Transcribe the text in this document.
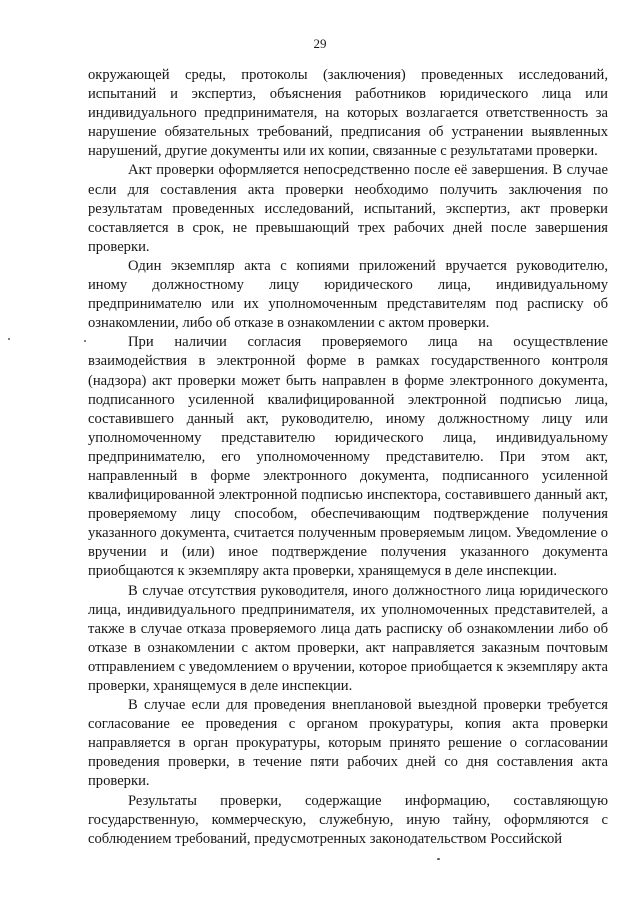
29

окружающей среды, протоколы (заключения) проведенных исследований, испытаний и экспертиз, объяснения работников юридического лица или индивидуального предпринимателя, на которых возлагается ответственность за нарушение обязательных требований, предписания об устранении выявленных нарушений, другие документы или их копии, связанные с результатами проверки.

Акт проверки оформляется непосредственно после её завершения. В случае если для составления акта проверки необходимо получить заключения по результатам проведенных исследований, испытаний, экспертиз, акт проверки составляется в срок, не превышающий трех рабочих дней после завершения проверки.

Один экземпляр акта с копиями приложений вручается руководителю, иному должностному лицу юридического лица, индивидуальному предпринимателю или их уполномоченным представителям под расписку об ознакомлении, либо об отказе в ознакомлении с актом проверки.

При наличии согласия проверяемого лица на осуществление взаимодействия в электронной форме в рамках государственного контроля (надзора) акт проверки может быть направлен в форме электронного документа, подписанного усиленной квалифицированной электронной подписью лица, составившего данный акт, руководителю, иному должностному лицу или уполномоченному представителю юридического лица, индивидуальному предпринимателю, его уполномоченному представителю. При этом акт, направленный в форме электронного документа, подписанного усиленной квалифицированной электронной подписью инспектора, составившего данный акт, проверяемому лицу способом, обеспечивающим подтверждение получения указанного документа, считается полученным проверяемым лицом. Уведомление о вручении и (или) иное подтверждение получения указанного документа приобщаются к экземпляру акта проверки, хранящемуся в деле инспекции.

В случае отсутствия руководителя, иного должностного лица юридического лица, индивидуального предпринимателя, их уполномоченных представителей, а также в случае отказа проверяемого лица дать расписку об ознакомлении либо об отказе в ознакомлении с актом проверки, акт направляется заказным почтовым отправлением с уведомлением о вручении, которое приобщается к экземпляру акта проверки, хранящемуся в деле инспекции.

В случае если для проведения внеплановой выездной проверки требуется согласование ее проведения с органом прокуратуры, копия акта проверки направляется в орган прокуратуры, которым принято решение о согласовании проведения проверки, в течение пяти рабочих дней со дня составления акта проверки.

Результаты проверки, содержащие информацию, составляющую государственную, коммерческую, служебную, иную тайну, оформляются с соблюдением требований, предусмотренных законодательством Российской
